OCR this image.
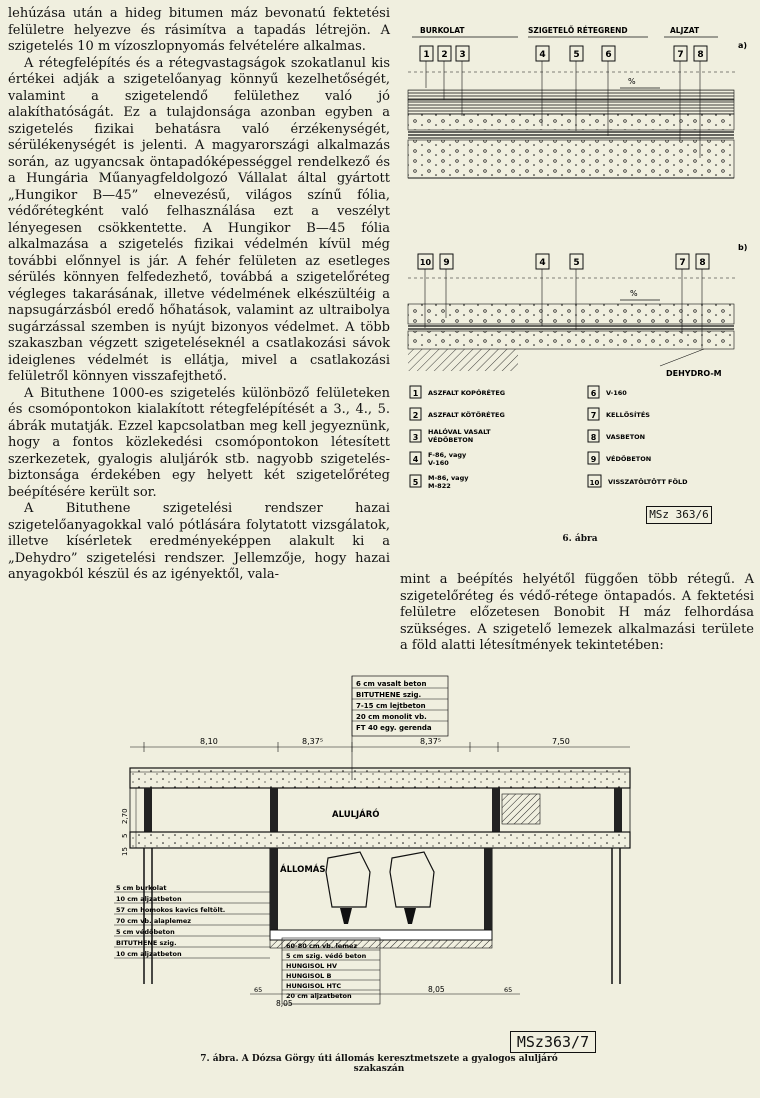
lehúzása után a hideg bitumen máz bevonatú fektetési felületre helyezve és rásimítva a tapadás létrejön. A szigetelés 10 m vízoszlopnyomás felvételére alkalmas.

A rétegfelépítés és a rétegvastagságok szokatlanul kis értékei adják a szigetelőanyag könnyű kezelhetőségét, valamint a szigetelendő felülethez való jó alakíthatóságát. Ez a tulajdonsága azonban egyben a szigetelés fizikai behatásra való érzékenységét, sérülékenységét is jelenti. A magyarországi alkalmazás során, az ugyancsak öntapadóképességgel rendelkező és a Hungária Műanyagfeldolgozó Vállalat által gyártott „Hungikor B—45” elnevezésű, világos színű fólia, védőrétegként való felhasználása ezt a veszélyt lényegesen csökkentette. A Hungikor B—45 fólia alkalmazása a szigetelés fizikai védelmén kívül még további előnnyel is jár. A fehér felületen az esetleges sérülés könnyen felfedezhető, továbbá a szigetelőréteg végleges takarásának, illetve védelmének elkészültéig a napsugárzásból eredő hőhatások, valamint az ultraibolya sugárzással szemben is nyújt bizonyos védelmet. A több szakaszban végzett szigeteléseknél a csatlakozási sávok ideiglenes védelmét is ellátja, mivel a csatlakozási felületről könnyen visszafejthető.

A Bituthene 1000-es szigetelés különböző felületeken és csomópontokon kialakított rétegfelépítését a 3., 4., 5. ábrák mutatják. Ezzel kapcsolatban meg kell jegyeznünk, hogy a fontos közlekedési csomópontokon létesített szerkezetek, gyalogis aluljárók stb. nagyobb szigetelés-biztonsága érdekében egy helyett két szigetelőréteg beépítésére került sor.

A Bituthene szigetelési rendszer hazai szigetelőanyagokkal való pótlására folytatott vizsgálatok, illetve kísérletek eredményeképpen alakult ki a „Dehydro” szigetelési rendszer. Jellemzője, hogy hazai anyagokból készül és az igényektől, vala-	mint a beépítés helyétől függően több rétegű. A szigetelőréteg és védő-rétege öntapadós. A fektetési felületre előzetesen Bonobit H máz felhordása szükséges. A szigetelő lemezek alkalmazási területe a föld alatti létesítmények tekintetében:

BURKOLAT	SZIGETELŐ RÉTEGREND	ALJZAT
a)
1 2 3	4	5	6	7 8
%
b)
10 9	4	5	7 8
%
DEHYDRO-M
1 ASZFALT KOPÓRÉTEG
2 ASZFALT KÖTŐRÉTEG
3
HALÓVAL VASALT
VÉDŐBETON
4 F-86, vagy
V-160
5 M-86, vagy
M-822
6 V-160
7 KELLŐSÍTÉS
8 VASBETON
9 VÉDŐBETON
10 VISSZATÖLTÖTT FÖLD
MSz 363/6
6. ábra
6 cm vasalt beton
BITUTHENE szig.
7-15 cm lejtbeton
20 cm monolit vb.
FT 40 egy. gerenda
8,10	8,37⁵	8,37⁵	7,50
ALULJÁRÓ
ÁLLOMÁS
2,70
5
15
5 cm burkolat
10 cm aljzatbeton
57 cm homokos kavics feltölt.
70 cm vb. alaplemez
5 cm védőbeton
BITUTHENE szig.
10 cm aljzatbeton
60-80 cm vb. lemez
5 cm szig. védő beton
HUNGISOL HV
HUNGISOL B
HUNGISOL HTC
20 cm aljzatbeton
65	8,05	65
8,05
MSz363/7
7. ábra. A Dózsa Görgy úti állomás keresztmetszete a gyalogos aluljáró szakaszán
